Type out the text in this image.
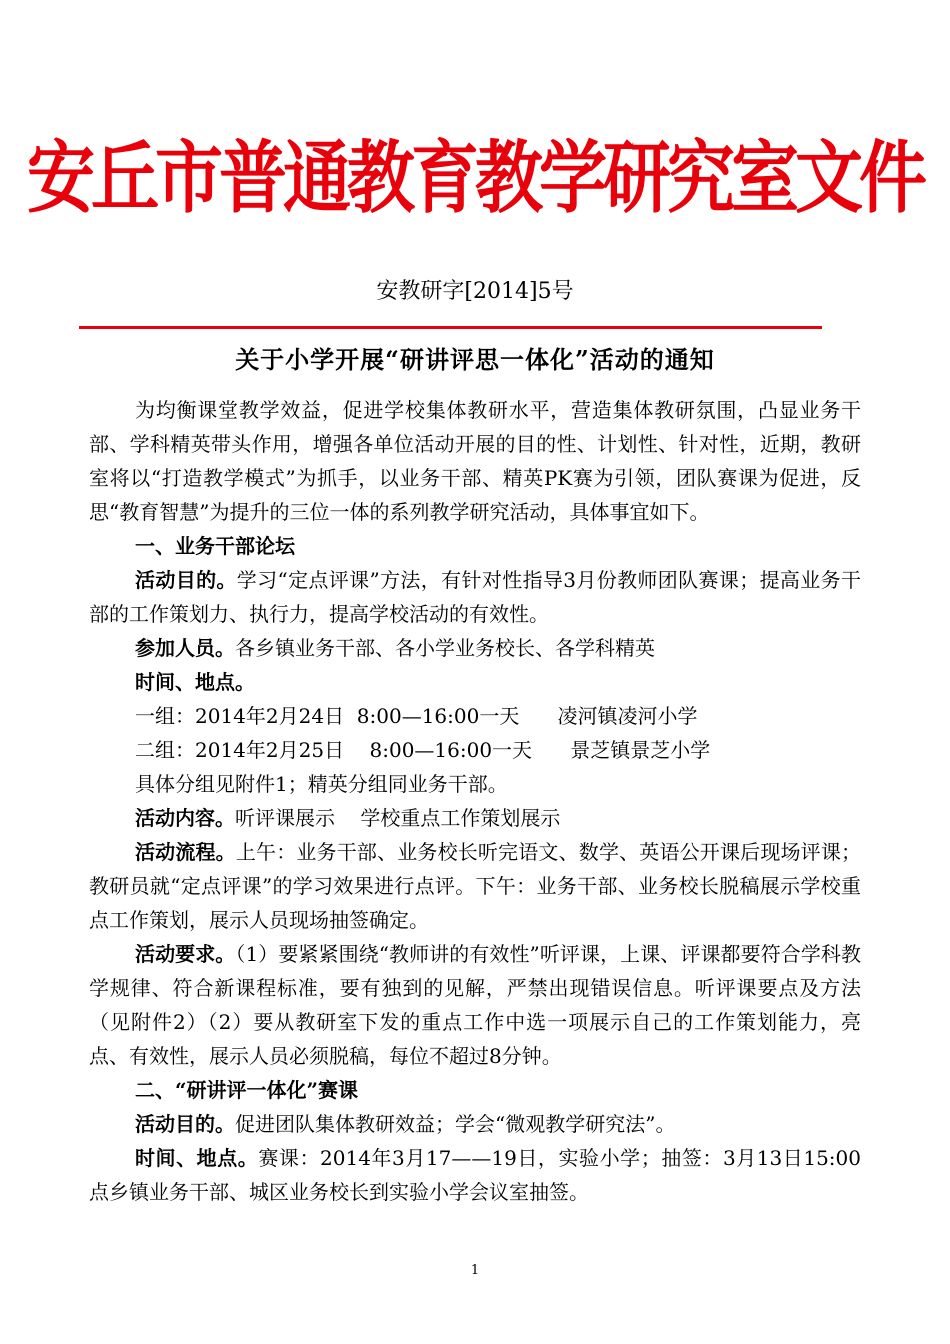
安丘市普通教育教学研究室文件
安教研字[2014]5号
关于小学开展“研讲评思一体化”活动的通知

为均衡课堂教学效益，促进学校集体教研水平，营造集体教研氛围，凸显业务干部、学科精英带头作用，增强各单位活动开展的目的性、计划性、针对性，近期，教研室将以“打造教学模式”为抓手，以业务干部、精英PK赛为引领，团队赛课为促进，反思“教育智慧”为提升的三位一体的系列教学研究活动，具体事宜如下。

一、业务干部论坛

活动目的。学习“定点评课”方法，有针对性指导3月份教师团队赛课；提高业务干部的工作策划力、执行力，提高学校活动的有效性。

参加人员。各乡镇业务干部、各小学业务校长、各学科精英

时间、地点。

一组：2014年2月24日  8:00—16:00一天      凌河镇凌河小学

二组：2014年2月25日    8:00—16:00一天      景芝镇景芝小学

具体分组见附件1；精英分组同业务干部。

活动内容。听评课展示    学校重点工作策划展示

活动流程。上午：业务干部、业务校长听完语文、数学、英语公开课后现场评课；教研员就“定点评课”的学习效果进行点评。下午：业务干部、业务校长脱稿展示学校重点工作策划，展示人员现场抽签确定。

活动要求。（1）要紧紧围绕“教师讲的有效性”听评课，上课、评课都要符合学科教学规律、符合新课程标准，要有独到的见解，严禁出现错误信息。听评课要点及方法（见附件2）（2）要从教研室下发的重点工作中选一项展示自己的工作策划能力，亮点、有效性，展示人员必须脱稿，每位不超过8分钟。

二、“研讲评一体化”赛课

活动目的。促进团队集体教研效益；学会“微观教学研究法”。

时间、地点。赛课：2014年3月17——19日，实验小学；抽签：3月13日15:00点乡镇业务干部、城区业务校长到实验小学会议室抽签。

1
